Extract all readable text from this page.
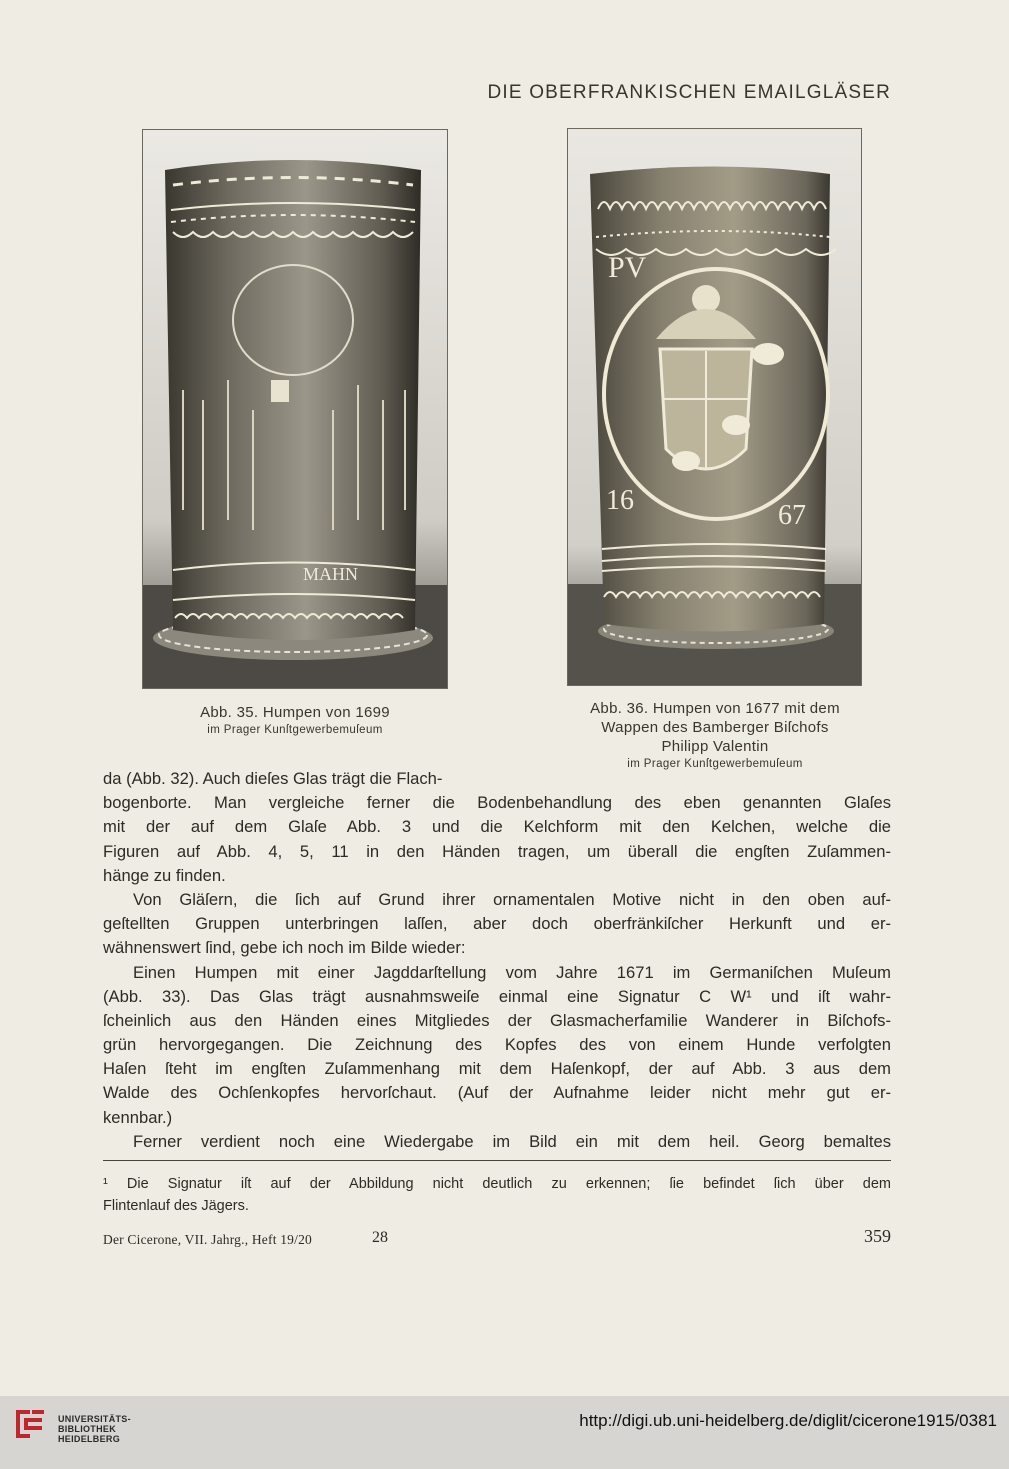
DIE OBERFRANKISCHEN EMAILGLÄSER
MAHN
PV
16	67
Abb. 35. Humpen von 1699
im Prager Kunſtgewerbemuſeum
Abb. 36. Humpen von 1677 mit dem
Wappen des Bamberger Biſchofs
Philipp Valentin
im Prager Kunſtgewerbemuſeum
da (Abb. 32). Auch dieſes Glas trägt die Flach-
bogenborte. Man vergleiche ferner die Bodenbehandlung des eben genannten Glaſes
mit der auf dem Glaſe Abb. 3 und die Kelchform mit den Kelchen, welche die
Figuren auf Abb. 4, 5, 11 in den Händen tragen, um überall die engſten Zuſammen-
hänge zu finden.
Von Gläſern, die ſich auf Grund ihrer ornamentalen Motive nicht in den oben auf-
geſtellten Gruppen unterbringen laſſen, aber doch oberfränkiſcher Herkunft und er-
wähnenswert ſind, gebe ich noch im Bilde wieder:
Einen Humpen mit einer Jagddarſtellung vom Jahre 1671 im Germaniſchen Muſeum
(Abb. 33). Das Glas trägt ausnahmsweiſe einmal eine Signatur C W¹ und iſt wahr-
ſcheinlich aus den Händen eines Mitgliedes der Glasmacherfamilie Wanderer in Biſchofs-
grün hervorgegangen. Die Zeichnung des Kopfes des von einem Hunde verfolgten
Haſen ſteht im engſten Zuſammenhang mit dem Haſenkopf, der auf Abb. 3 aus dem
Walde des Ochſenkopfes hervorſchaut. (Auf der Aufnahme leider nicht mehr gut er-
kennbar.)
Ferner verdient noch eine Wiedergabe im Bild ein mit dem heil. Georg bemaltes
¹ Die Signatur iſt auf der Abbildung nicht deutlich zu erkennen; ſie befindet ſich über dem
Flintenlauf des Jägers.
Der Cicerone, VII. Jahrg., Heft 19/20	28	359
UNIVERSITÄTS-
BIBLIOTHEK
HEIDELBERG
http://digi.ub.uni-heidelberg.de/diglit/cicerone1915/0381
